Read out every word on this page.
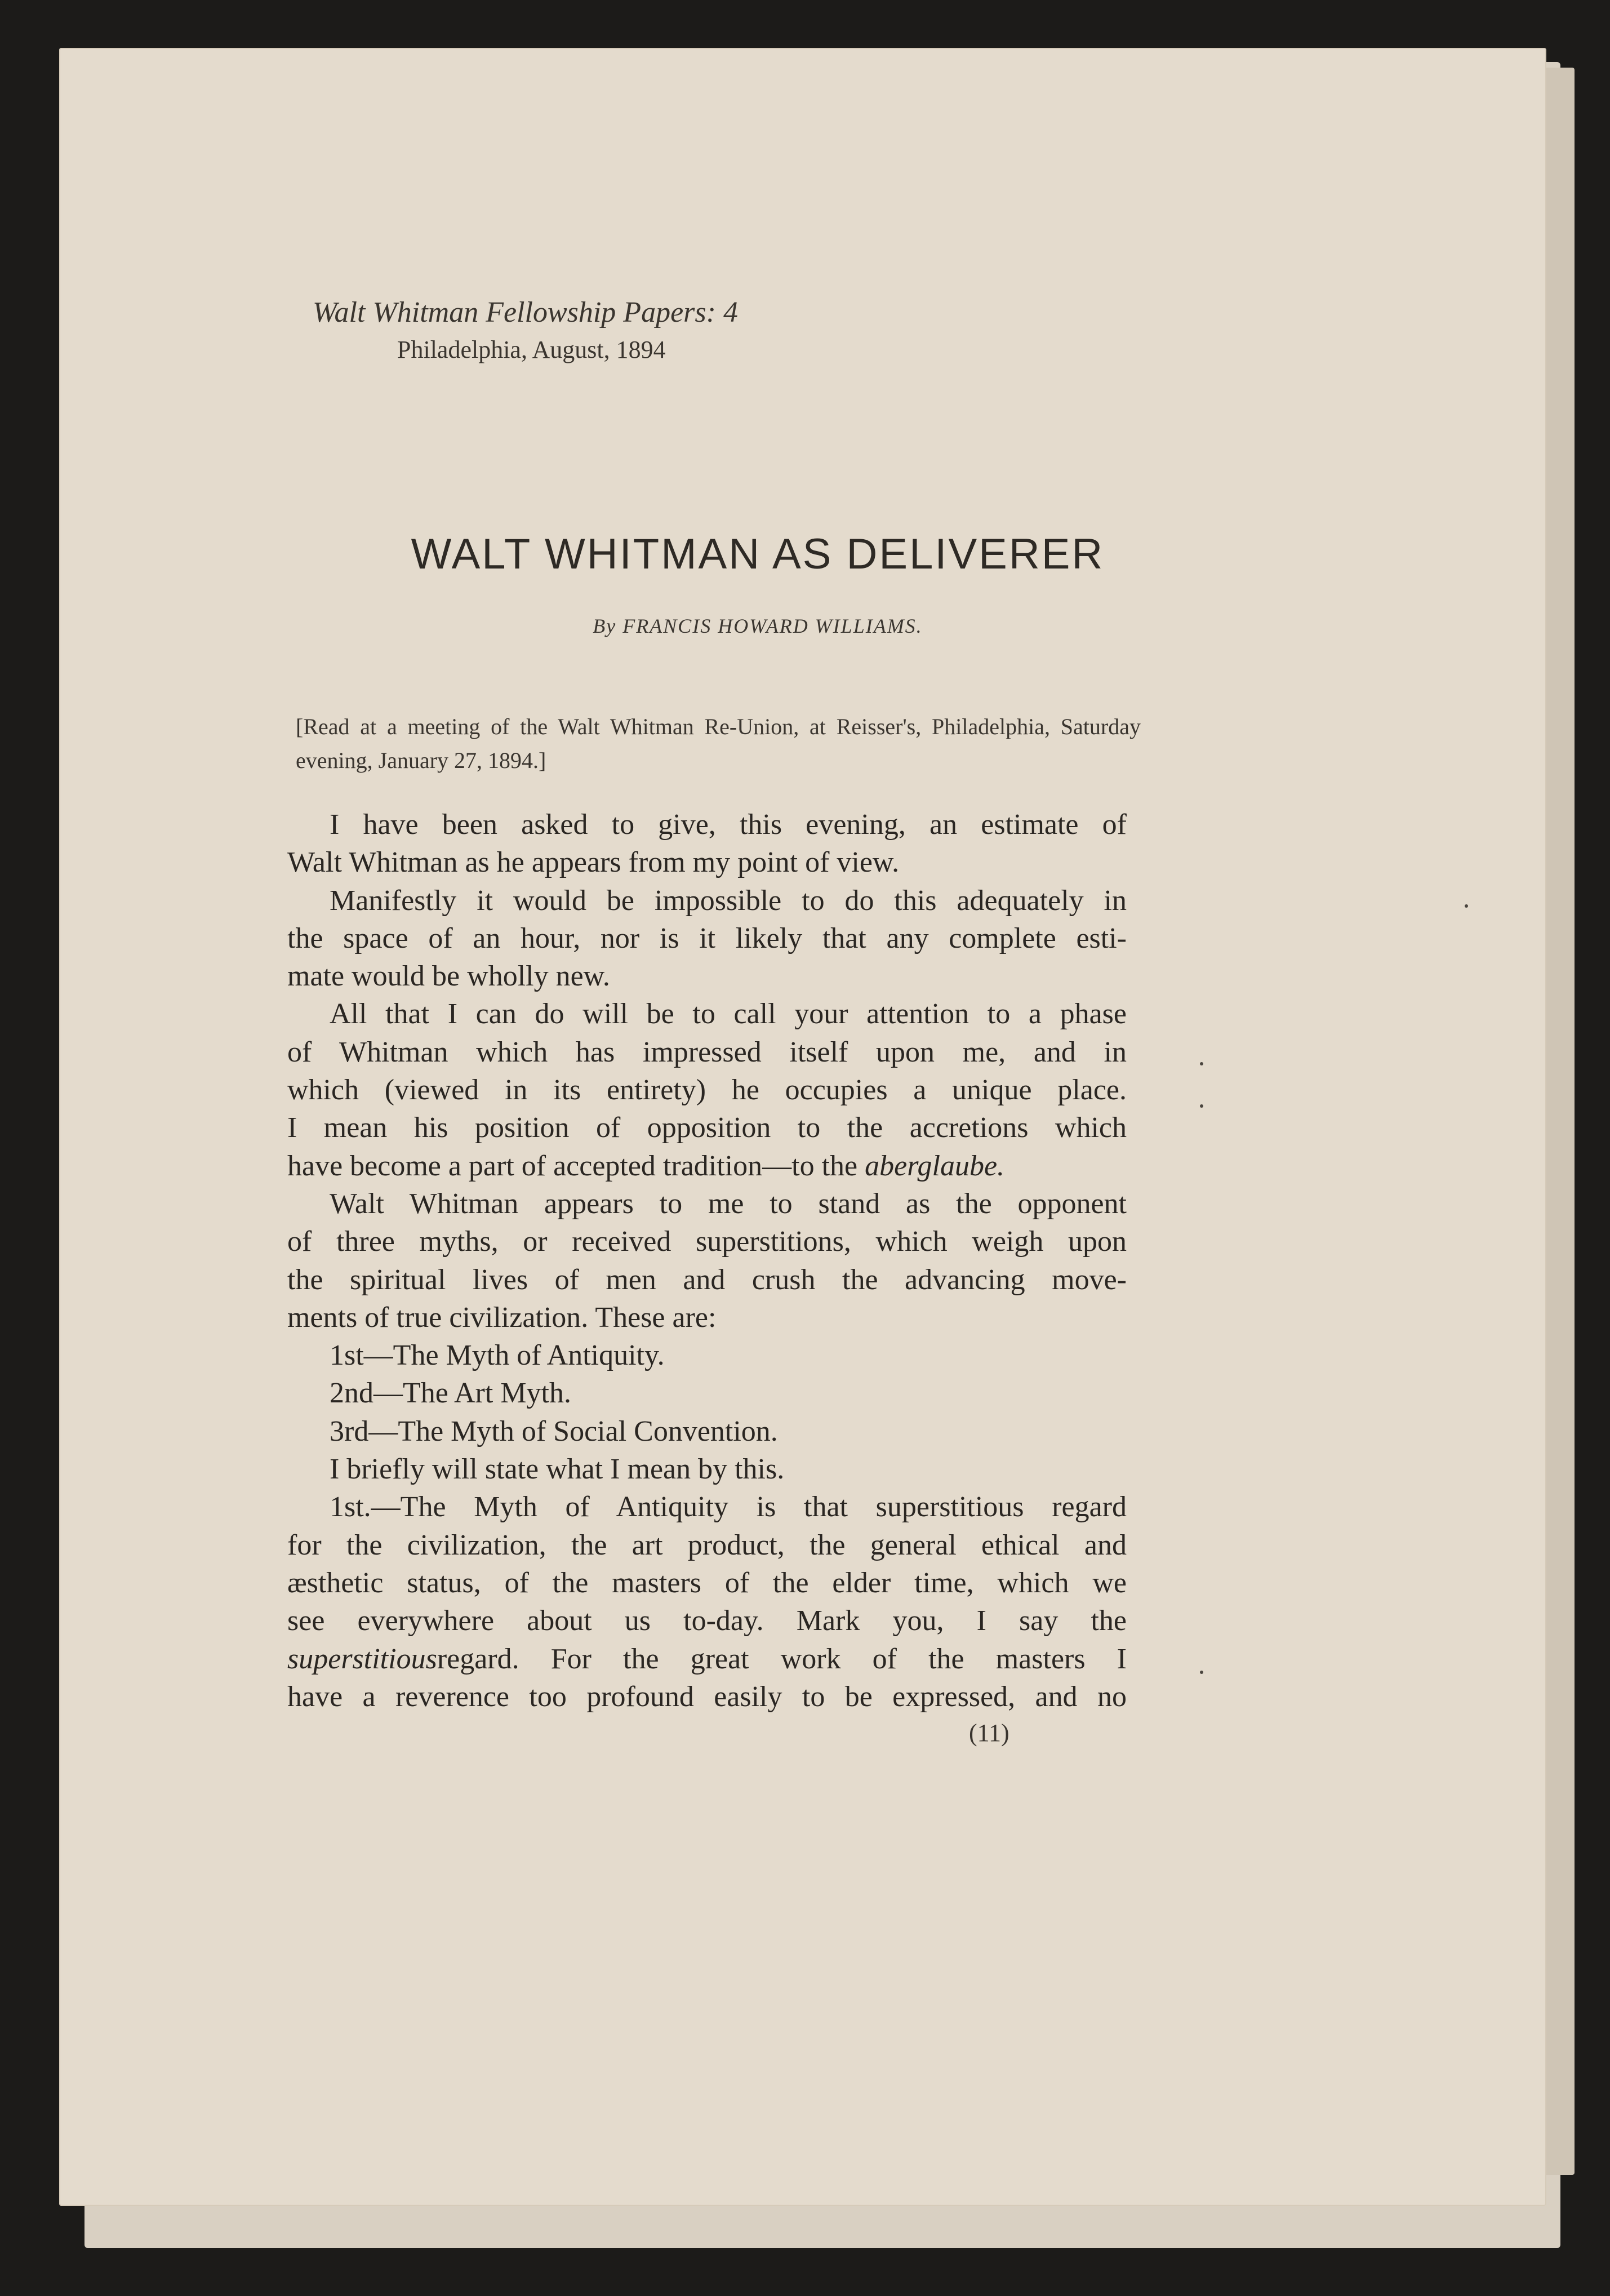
Walt Whitman Fellowship Papers: 4
Philadelphia, August, 1894
WALT WHITMAN AS DELIVERER
By FRANCIS HOWARD WILLIAMS.
[Read at a meeting of the Walt Whitman Re-Union, at Reisser's, Philadelphia, Saturday evening, January 27, 1894.]
I have been asked to give, this evening, an estimate of
Walt Whitman as he appears from my point of view.
Manifestly it would be impossible to do this adequately in
the space of an hour, nor is it likely that any complete esti-
mate would be wholly new.
All that I can do will be to call your attention to a phase
of Whitman which has impressed itself upon me, and in
which (viewed in its entirety) he occupies a unique place.
I mean his position of opposition to the accretions which
have become a part of accepted tradition—to the aberglaube.
Walt Whitman appears to me to stand as the opponent
of three myths, or received superstitions, which weigh upon
the spiritual lives of men and crush the advancing move-
ments of true civilization. These are:
1st—The Myth of Antiquity.
2nd—The Art Myth.
3rd—The Myth of Social Convention.
I briefly will state what I mean by this.
1st.—The Myth of Antiquity is that superstitious regard
for the civilization, the art product, the general ethical and
æsthetic status, of the masters of the elder time, which we
see everywhere about us to-day. Mark you, I say the
superstitious regard. For the great work of the masters I
have a reverence too profound easily to be expressed, and no
(11)
